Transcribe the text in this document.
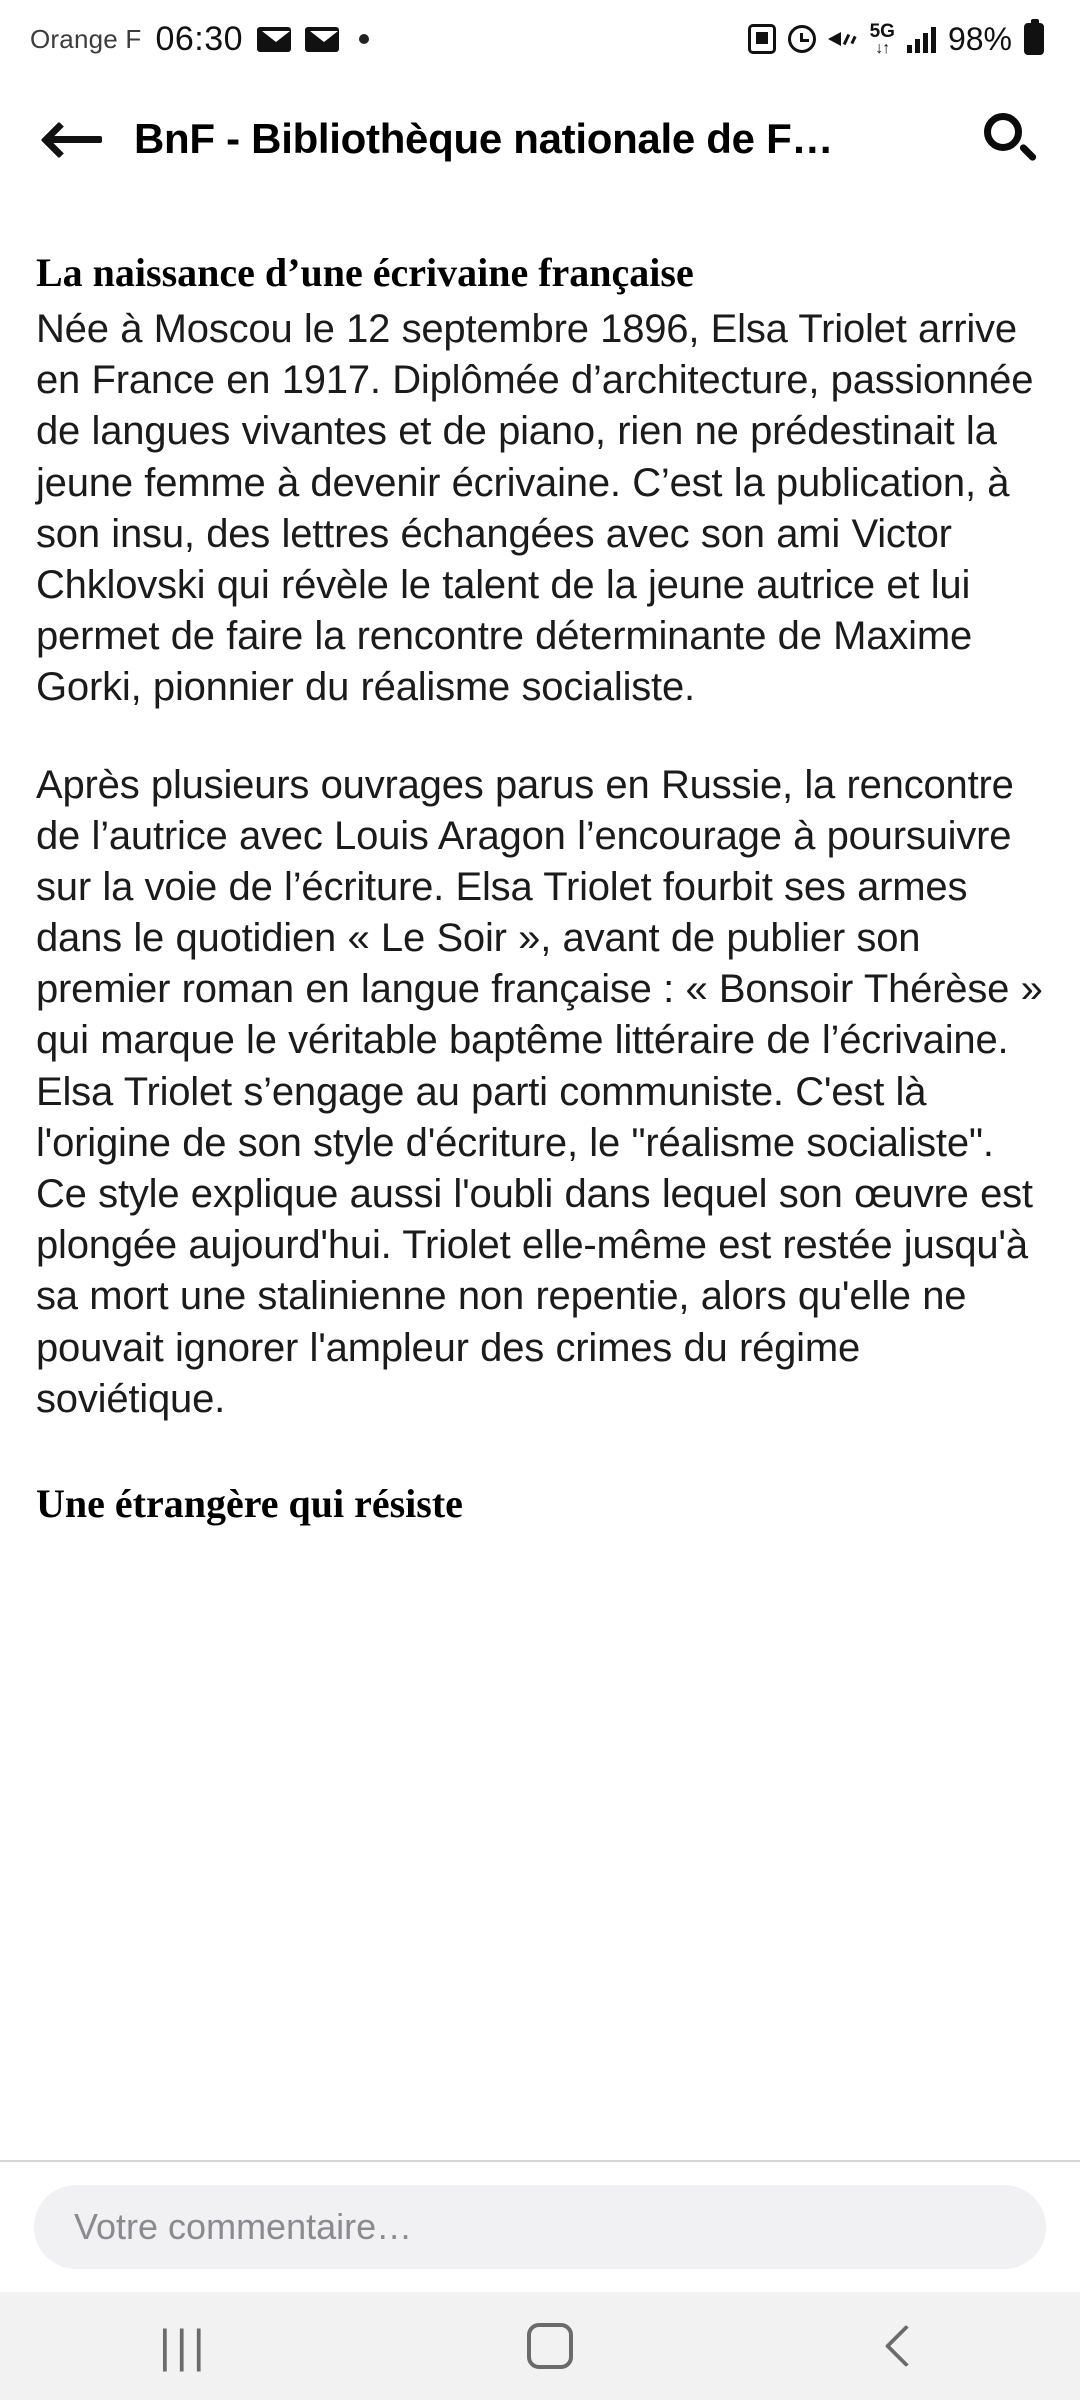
Orange F 06:30	5G
↓↑ 98%
BnF - Bibliothèque nationale de F…
La naissance d’une écrivaine française
Née à Moscou le 12 septembre 1896, Elsa Triolet arrive en France en 1917. Diplômée d’architecture, passionnée de langues vivantes et de piano, rien ne prédestinait la jeune femme à devenir écrivaine. C’est la publication, à son insu, des lettres échangées avec son ami Victor Chklovski qui révèle le talent de la jeune autrice et lui permet de faire la rencontre déterminante de Maxime Gorki, pionnier du réalisme socialiste.
Après plusieurs ouvrages parus en Russie, la rencontre de l’autrice avec Louis Aragon l’encourage à poursuivre sur la voie de l’écriture. Elsa Triolet fourbit ses armes dans le quotidien « Le Soir », avant de publier son premier roman en langue française : « Bonsoir Thérèse » qui marque le véritable baptême littéraire de l’écrivaine. Elsa Triolet s’engage au parti communiste. C'est là l'origine de son style d'écriture, le "réalisme socialiste". Ce style explique aussi l'oubli dans lequel son œuvre est plongée aujourd'hui. Triolet elle-même est restée jusqu'à sa mort une stalinienne non repentie, alors qu'elle ne pouvait ignorer l'ampleur des crimes du régime soviétique.
Une étrangère qui résiste
Votre commentaire…
|||
